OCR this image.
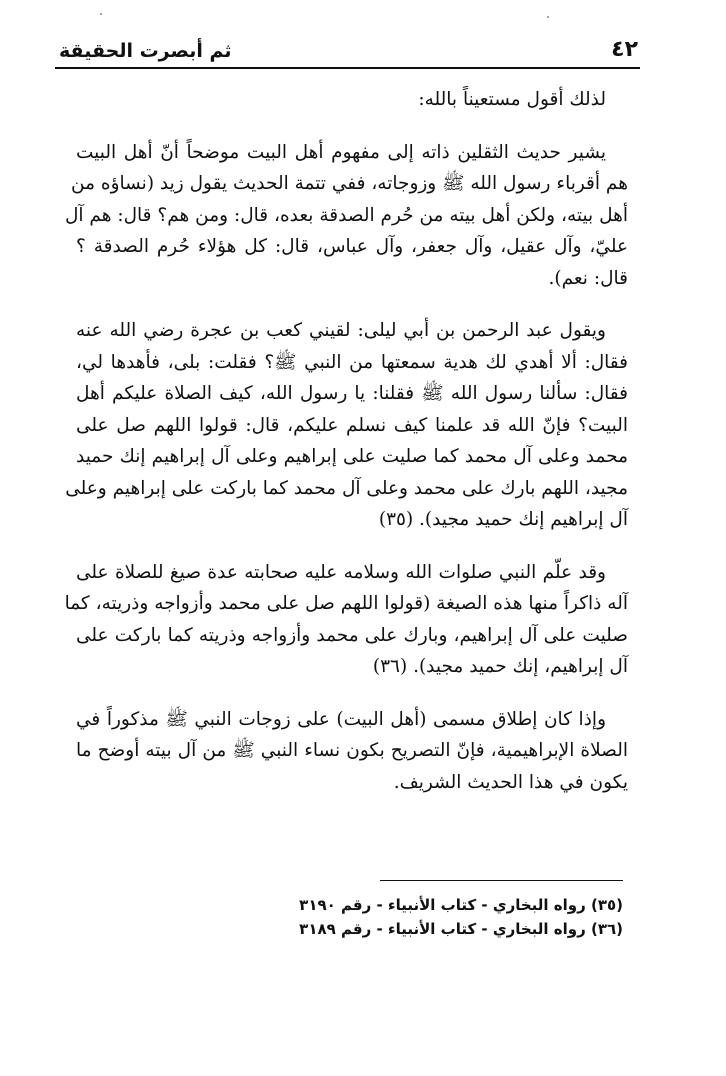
٤٢
ثم أبصرت الحقيقة
لذلك أقول مستعيناً بالله:
يشير حديث الثقلين ذاته إلى مفهوم أهل البيت موضحاً أنّ أهل البيت
هم أقرباء رسول الله ﷺ وزوجاته، ففي تتمة الحديث يقول زيد (نساؤه من
أهل بيته، ولكن أهل بيته من حُرم الصدقة بعده، قال: ومن هم؟ قال: هم آل
عليّ، وآل عقيل، وآل جعفر، وآل عباس، قال: كل هؤلاء حُرم الصدقة ؟
قال: نعم).
ويقول عبد الرحمن بن أبي ليلى: لقيني كعب بن عجرة رضي الله عنه
فقال: ألا أهدي لك هدية سمعتها من النبي ﷺ؟ فقلت: بلى، فأهدها لي،
فقال: سألنا رسول الله ﷺ فقلنا: يا رسول الله، كيف الصلاة عليكم أهل
البيت؟ فإنّ الله قد علمنا كيف نسلم عليكم، قال: قولوا اللهم صل على
محمد وعلى آل محمد كما صليت على إبراهيم وعلى آل إبراهيم إنك حميد
مجيد، اللهم بارك على محمد وعلى آل محمد كما باركت على إبراهيم وعلى
آل إبراهيم إنك حميد مجيد). (٣٥)
وقد علّم النبي صلوات الله وسلامه عليه صحابته عدة صيغ للصلاة على
آله ذاكراً منها هذه الصيغة (قولوا اللهم صل على محمد وأزواجه وذريته، كما
صليت على آل إبراهيم، وبارك على محمد وأزواجه وذريته كما باركت على
آل إبراهيم، إنك حميد مجيد). (٣٦)
وإذا كان إطلاق مسمى (أهل البيت) على زوجات النبي ﷺ مذكوراً في
الصلاة الإبراهيمية، فإنّ التصريح بكون نساء النبي ﷺ من آل بيته أوضح ما
يكون في هذا الحديث الشريف.
(٣٥) رواه البخاري - كتاب الأنبياء - رقم ٣١٩٠
(٣٦) رواه البخاري - كتاب الأنبياء - رقم ٣١٨٩
